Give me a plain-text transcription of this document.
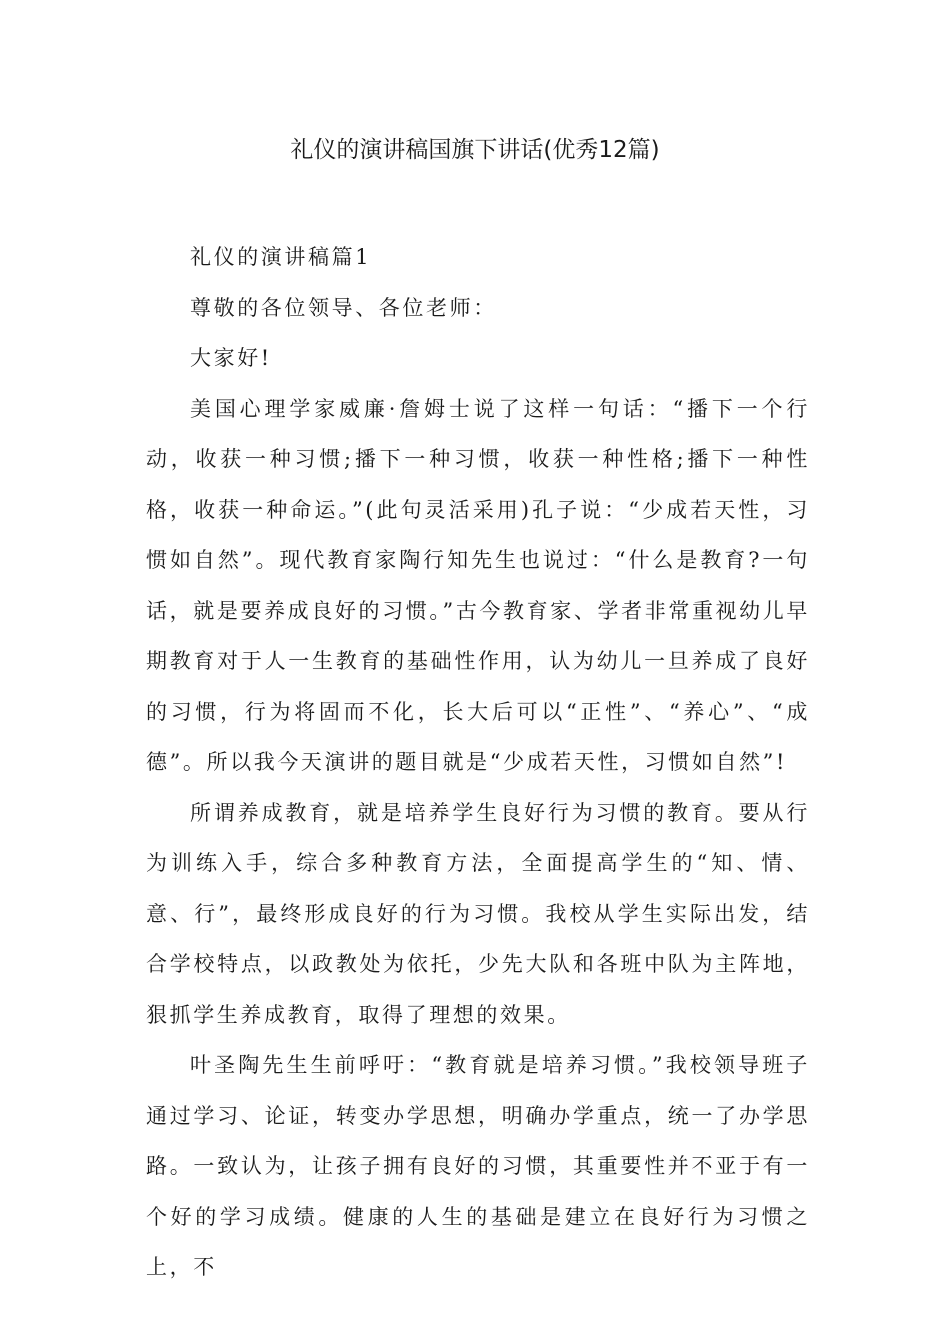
礼仪的演讲稿国旗下讲话(优秀12篇)

礼仪的演讲稿篇1

尊敬的各位领导、各位老师：

大家好!

美国心理学家威廉·詹姆士说了这样一句话：“播下一个行动，收获一种习惯;播下一种习惯，收获一种性格;播下一种性格，收获一种命运。”(此句灵活采用)孔子说：“少成若天性，习惯如自然”。现代教育家陶行知先生也说过：“什么是教育?一句话，就是要养成良好的习惯。”古今教育家、学者非常重视幼儿早期教育对于人一生教育的基础性作用，认为幼儿一旦养成了良好的习惯，行为将固而不化，长大后可以“正性”、“养心”、“成德”。所以我今天演讲的题目就是“少成若天性，习惯如自然”!

所谓养成教育，就是培养学生良好行为习惯的教育。要从行为训练入手，综合多种教育方法，全面提高学生的“知、情、意、行”，最终形成良好的行为习惯。我校从学生实际出发，结合学校特点，以政教处为依托，少先大队和各班中队为主阵地，狠抓学生养成教育，取得了理想的效果。

叶圣陶先生生前呼吁：“教育就是培养习惯。”我校领导班子通过学习、论证，转变办学思想，明确办学重点，统一了办学思路。一致认为，让孩子拥有良好的习惯，其重要性并不亚于有一个好的学习成绩。健康的人生的基础是建立在良好行为习惯之上，不
